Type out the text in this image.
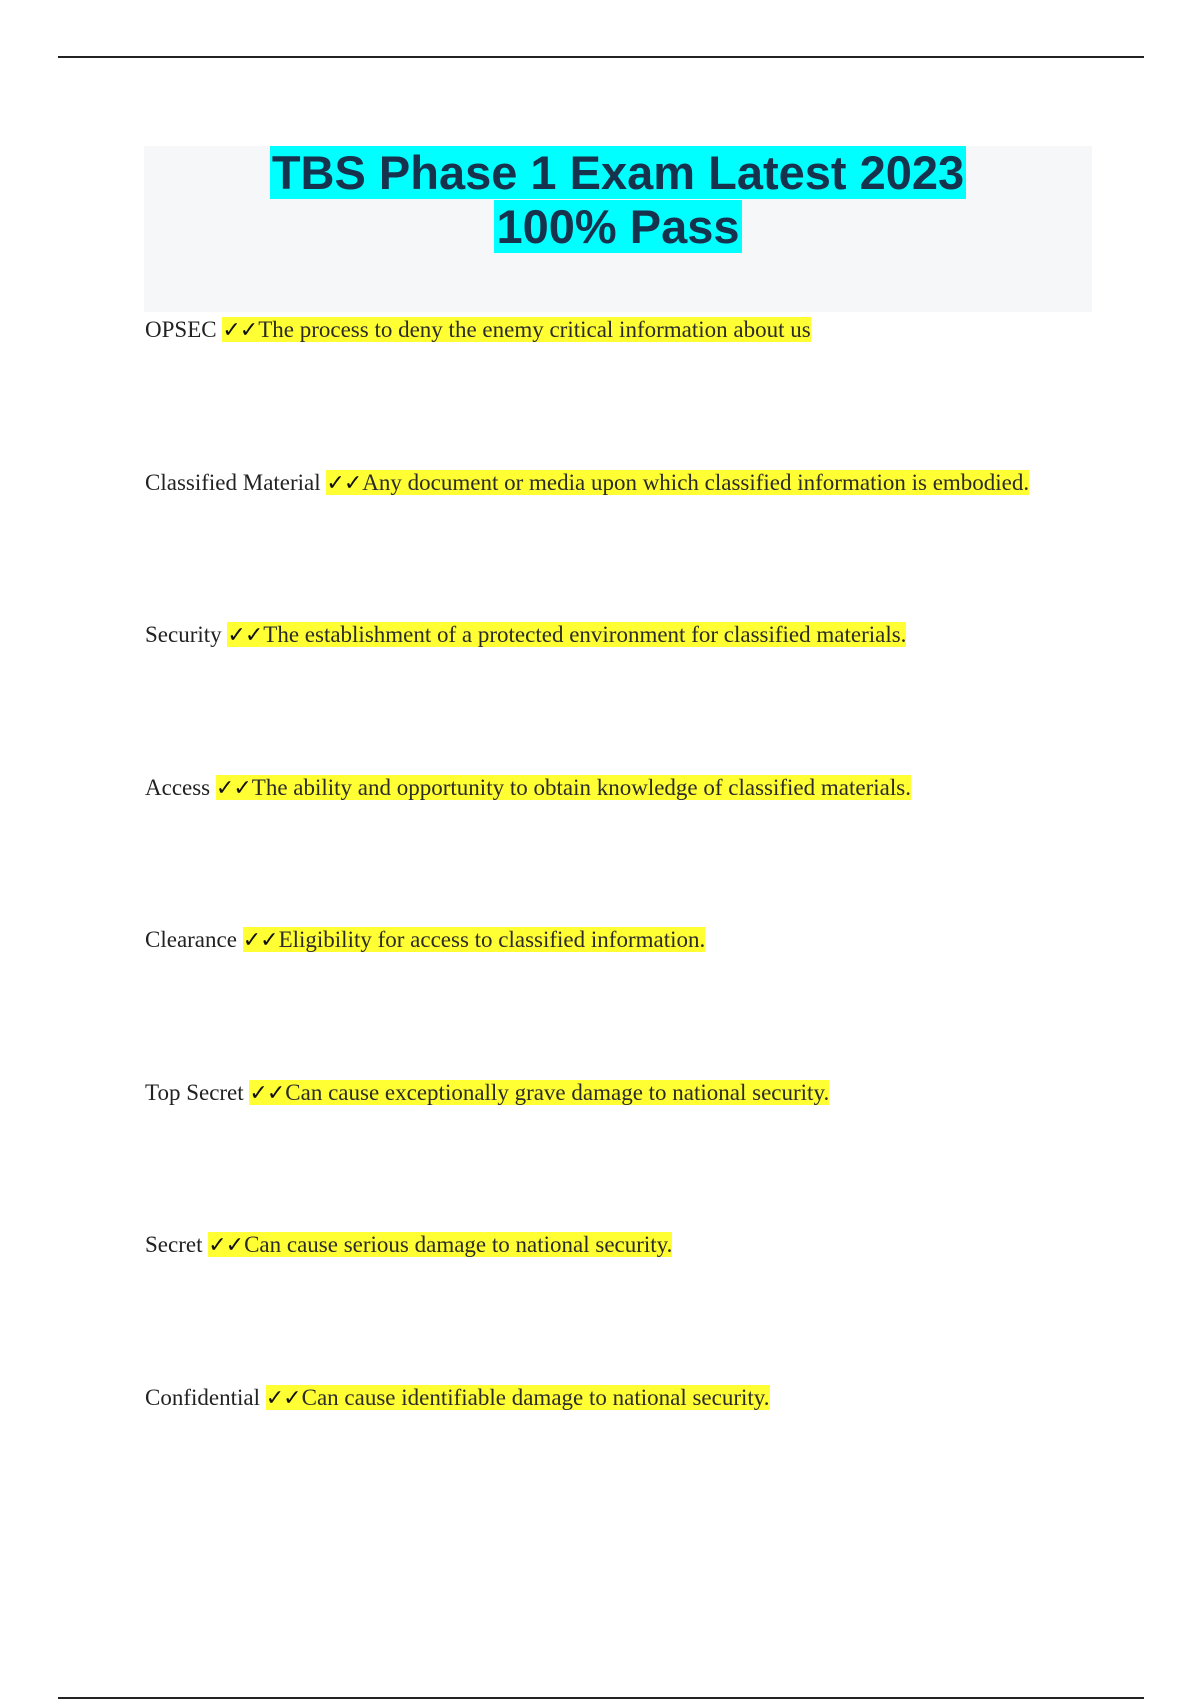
TBS Phase 1 Exam Latest 2023
100% Pass
OPSEC ✓✓The process to deny the enemy critical information about us
Classified Material ✓✓Any document or media upon which classified information is embodied.
Security ✓✓The establishment of a protected environment for classified materials.
Access ✓✓The ability and opportunity to obtain knowledge of classified materials.
Clearance ✓✓Eligibility for access to classified information.
Top Secret ✓✓Can cause exceptionally grave damage to national security.
Secret ✓✓Can cause serious damage to national security.
Confidential ✓✓Can cause identifiable damage to national security.
